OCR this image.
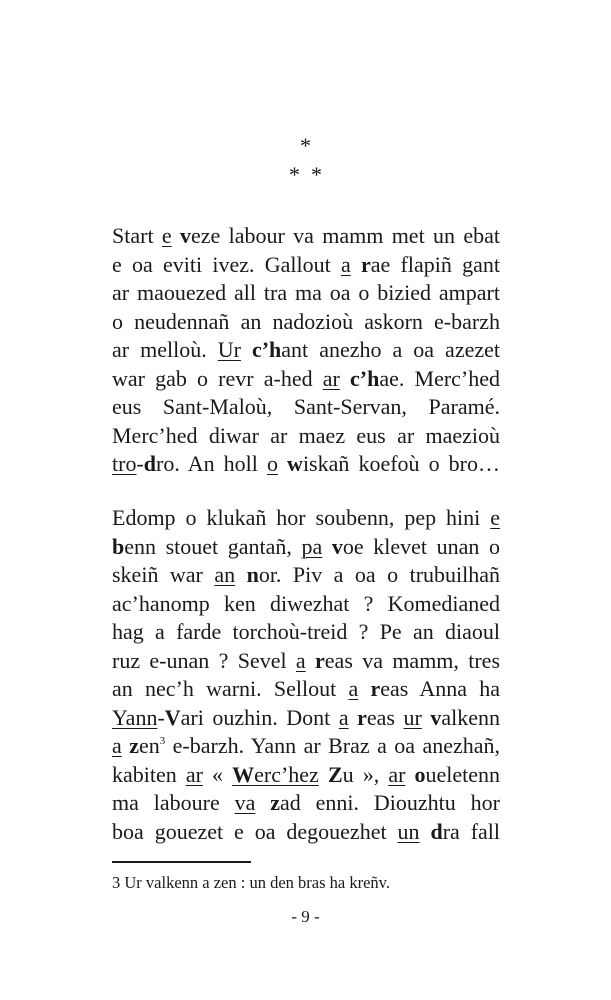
*
*  *
Start e veze labour va mamm met un ebat
e oa eviti ivez. Gallout a rae flapiñ gant
ar maouezed all tra ma oa o bizied ampart
o neudennañ an nadozioù askorn e-barzh
ar melloù. Ur c’hant anezho a oa azezet
war gab o revr a-hed ar c’hae. Merc’hed
eus Sant-Maloù, Sant-Servan, Paramé.
Merc’hed diwar ar maez eus ar maezioù
tro-dro. An holl o wiskañ koefoù o bro…
Edomp o klukañ hor soubenn, pep hini e
benn stouet gantañ, pa voe klevet unan o
skeiñ war an nor. Piv a oa o trubuilhañ
ac’hanomp ken diwezhat ? Komedianed
hag a farde torchoù-treid ? Pe an diaoul
ruz e-unan ? Sevel a reas va mamm, tres
an nec’h warni. Sellout a reas Anna ha
Yann-Vari ouzhin. Dont a reas ur valkenn
a zen$^3$ e-barzh. Yann ar Braz a oa anezhañ,
kabiten ar « Werc’hez Zu », ar oueletenn
ma laboure va zad enni. Diouzhtu hor
boa gouezet e oa degouezhet un dra fall
3 Ur valkenn a zen : un den bras ha kreñv.
- 9 -
